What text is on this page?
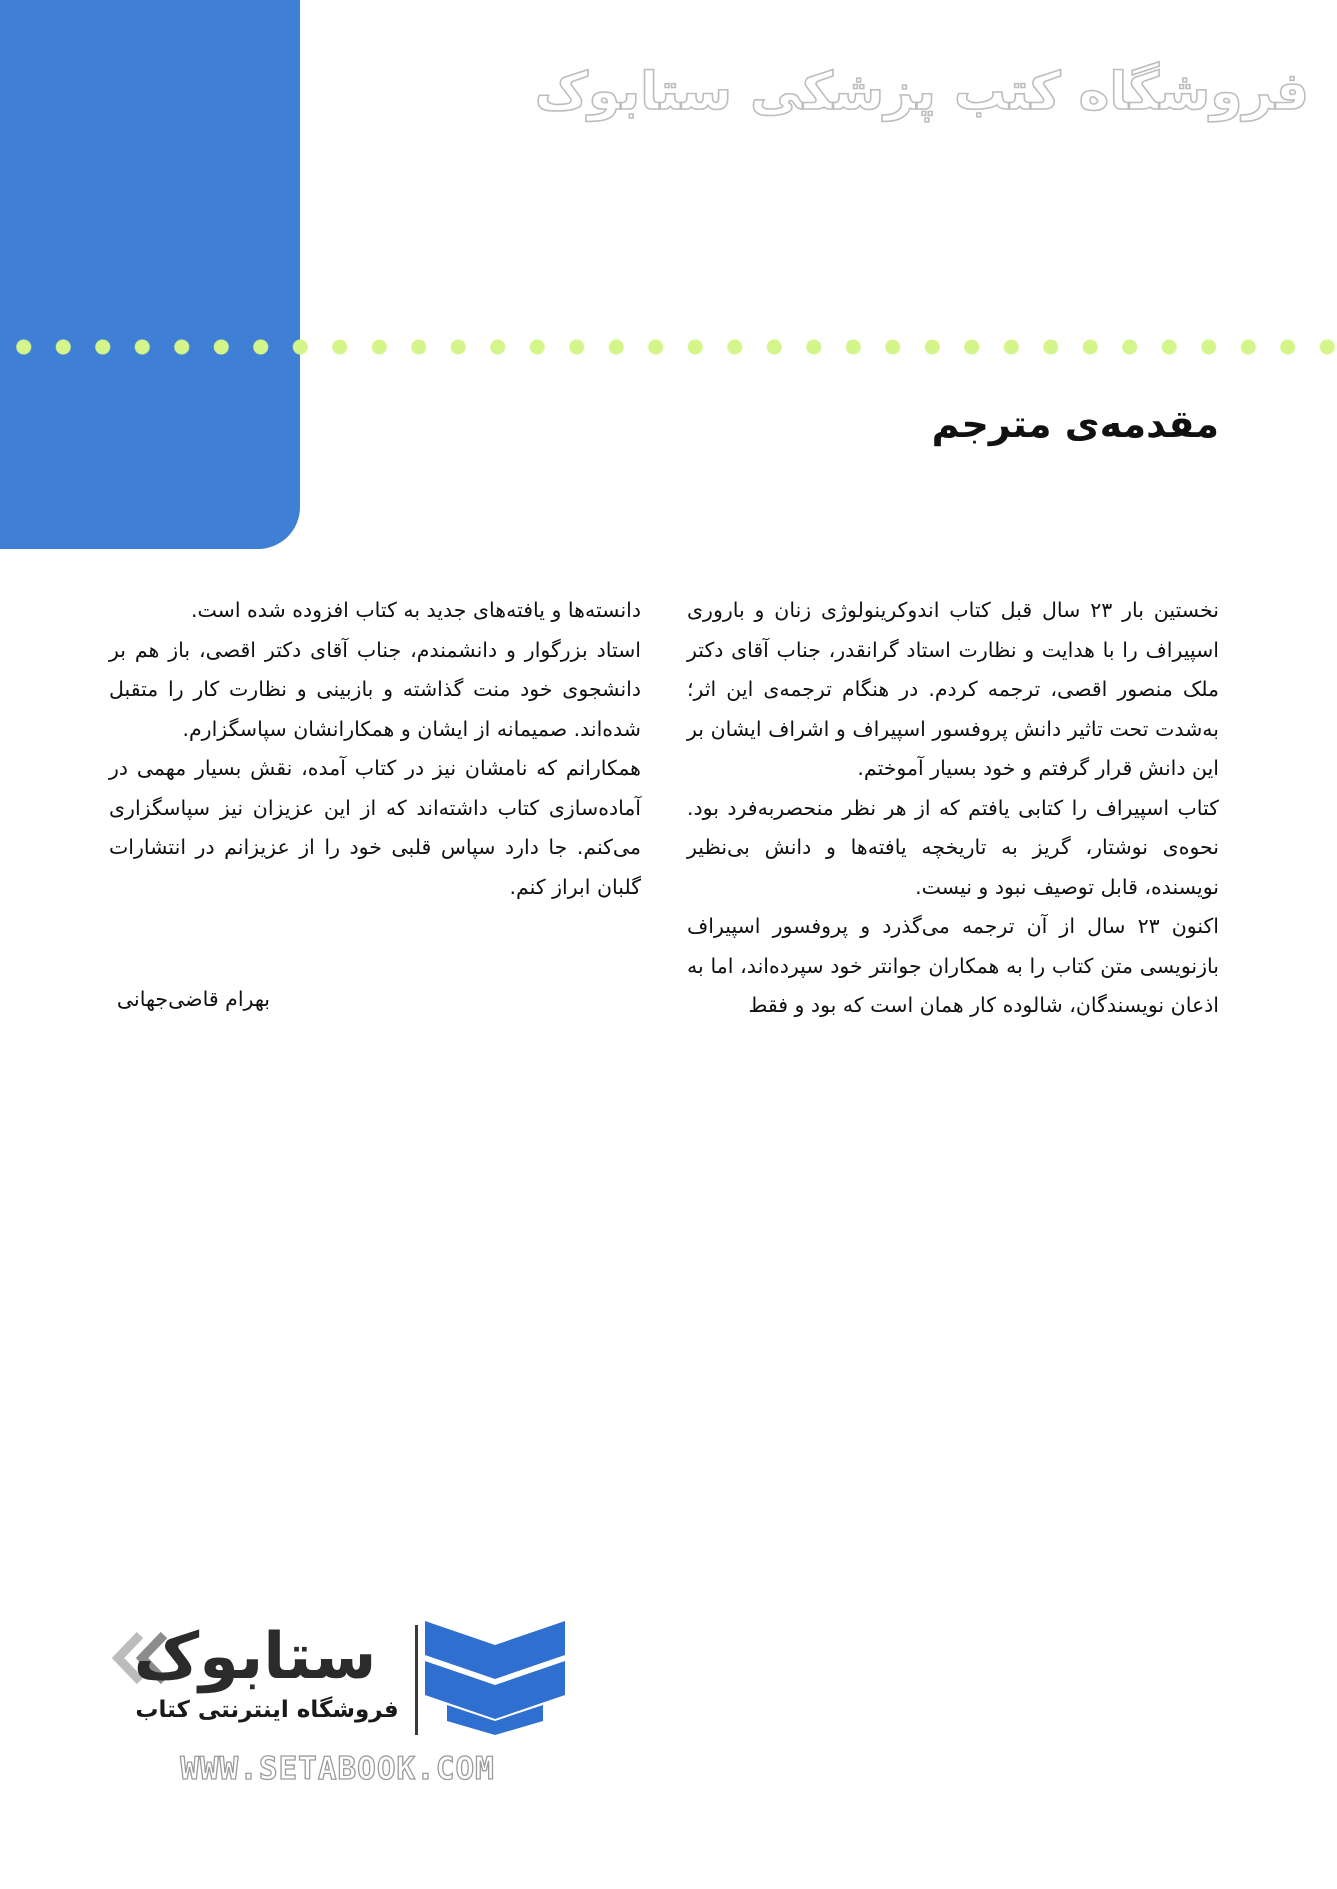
فروشگاه کتب پزشکی ستابوک
مقدمه‌ی مترجم

نخستین بار ۲۳ سال قبل کتاب اندوکرینولوژی زنان و باروری اسپیراف را با هدایت و نظارت استاد گرانقدر، جناب آقای دکتر ملک منصور اقصی، ترجمه کردم. در هنگام ترجمه‌ی این اثر؛ به‌شدت تحت تاثیر دانش پروفسور اسپیراف و اشراف ایشان بر این دانش قرار گرفتم و خود بسیار آموختم.

کتاب اسپیراف را کتابی یافتم که از هر نظر منحصربه‌فرد بود. نحوه‌ی نوشتار، گریز به تاریخچه یافته‌ها و دانش بی‌نظیر نویسنده، قابل توصیف نبود و نیست.

اکنون ۲۳ سال از آن ترجمه می‌گذرد و پروفسور اسپیراف بازنویسی متن کتاب را به همکاران جوانتر خود سپرده‌اند، اما به اذعان نویسندگان، شالوده کار همان است که بود و فقط

دانسته‌ها و یافته‌های جدید به کتاب افزوده شده است.

استاد بزرگوار و دانشمندم، جناب آقای دکتر اقصی، باز هم بر دانشجوی خود منت گذاشته و بازبینی و نظارت کار را متقبل شده‌اند. صمیمانه از ایشان و همکارانشان سپاسگزارم.

همکارانم که نامشان نیز در کتاب آمده، نقش بسیار مهمی در آماده‌سازی کتاب داشته‌اند که از این عزیزان نیز سپاسگزاری می‌کنم. جا دارد سپاس قلبی خود را از عزیزانم در انتشارات گلبان ابراز کنم.

بهرام قاضی‌جهانی
ستابوک
فروشگاه اینترنتی کتاب
WWW.SETABOOK.COM
